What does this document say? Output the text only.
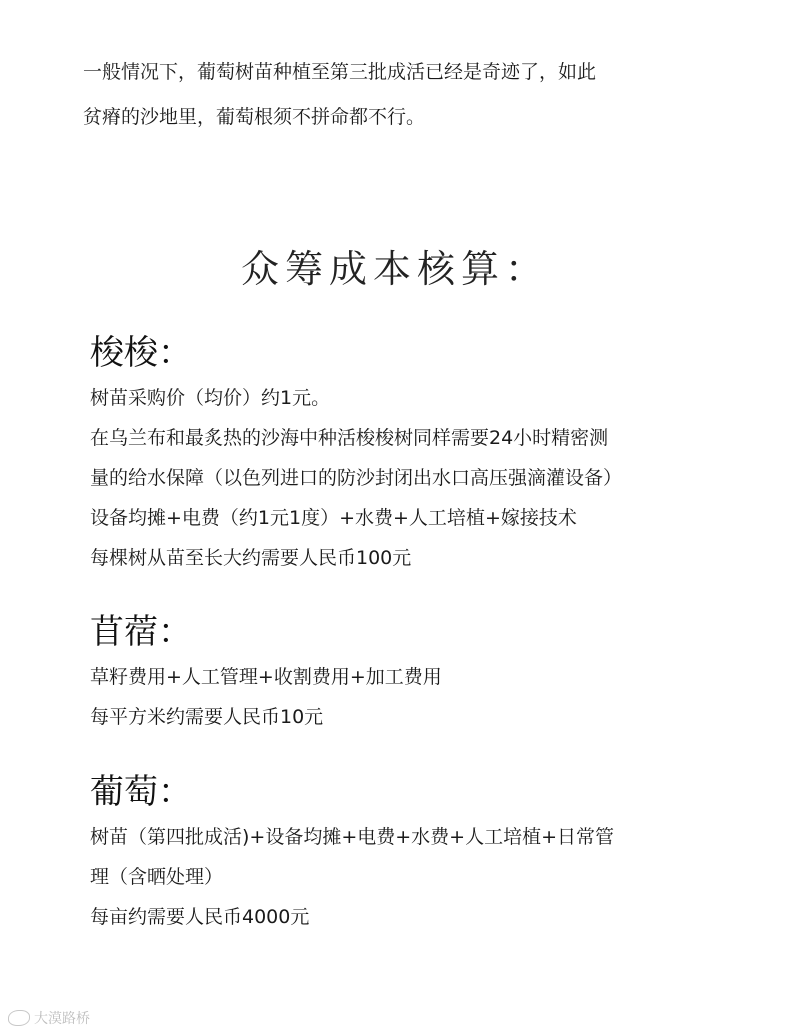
一般情况下，葡萄树苗种植至第三批成活已经是奇迹了，如此

贫瘠的沙地里，葡萄根须不拼命都不行。

众筹成本核算：
梭梭：

树苗采购价（均价）约1元。

在乌兰布和最炙热的沙海中种活梭梭树同样需要24小时精密测

量的给水保障（以色列进口的防沙封闭出水口高压强滴灌设备）

设备均摊+电费（约1元1度）+水费+人工培植+嫁接技术

每棵树从苗至长大约需要人民币100元

苜蓿：

草籽费用+人工管理+收割费用+加工费用

每平方米约需要人民币10元

葡萄：

树苗（第四批成活)+设备均摊+电费+水费+人工培植+日常管

理（含晒处理）

每亩约需要人民币4000元

大漠路桥
